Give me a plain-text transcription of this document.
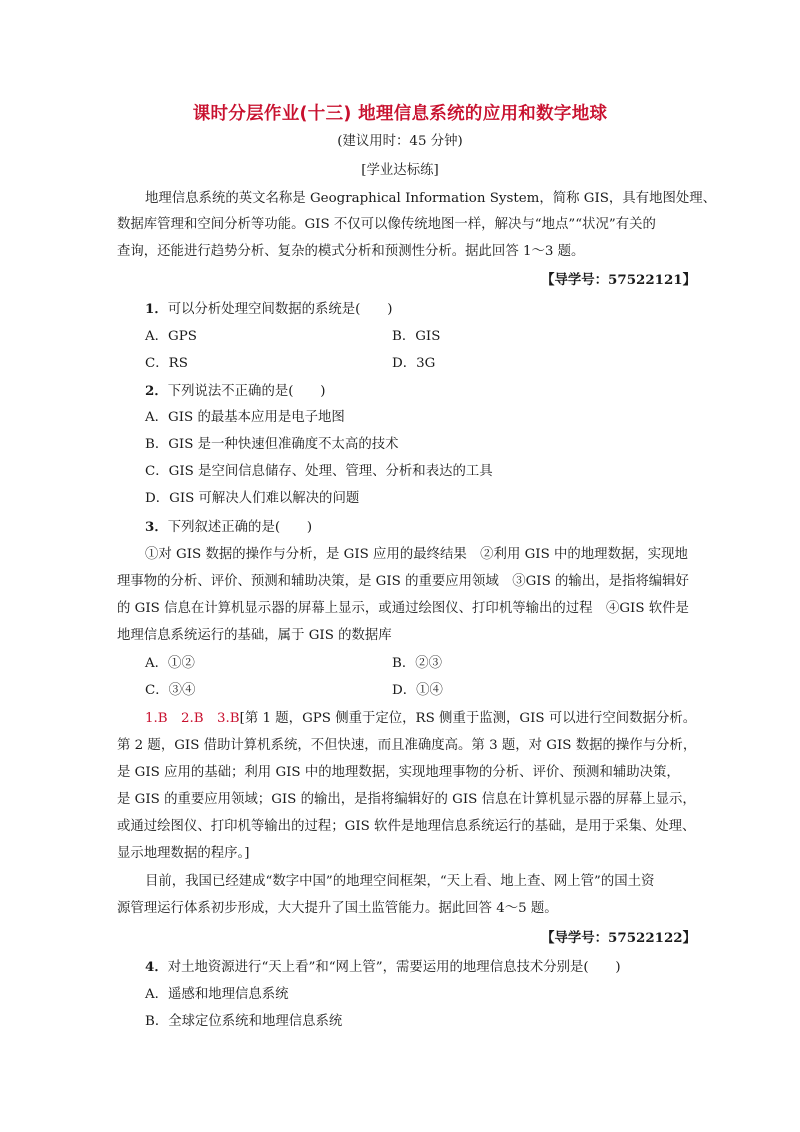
课时分层作业(十三) 地理信息系统的应用和数字地球
(建议用时：45 分钟)
[学业达标练]
地理信息系统的英文名称是 Geographical Information System，简称 GIS，具有地图处理、
数据库管理和空间分析等功能。GIS 不仅可以像传统地图一样，解决与“地点”“状况”有关的
查询，还能进行趋势分析、复杂的模式分析和预测性分析。据此回答 1～3 题。
【导学号：57522121】
1．可以分析处理空间数据的系统是(　　)
A．GPS	B．GIS
C．RS	D．3G
2．下列说法不正确的是(　　)
A．GIS 的最基本应用是电子地图
B．GIS 是一种快速但准确度不太高的技术
C．GIS 是空间信息储存、处理、管理、分析和表达的工具
D．GIS 可解决人们难以解决的问题
3．下列叙述正确的是(　　)
①对 GIS 数据的操作与分析，是 GIS 应用的最终结果　②利用 GIS 中的地理数据，实现地
理事物的分析、评价、预测和辅助决策，是 GIS 的重要应用领域　③GIS 的输出，是指将编辑好
的 GIS 信息在计算机显示器的屏幕上显示，或通过绘图仪、打印机等输出的过程　④GIS 软件是
地理信息系统运行的基础，属于 GIS 的数据库
A．①②	B．②③
C．③④	D．①④
1.B　2.B　3.B[第 1 题，GPS 侧重于定位，RS 侧重于监测，GIS 可以进行空间数据分析。
第 2 题，GIS 借助计算机系统，不但快速，而且准确度高。第 3 题，对 GIS 数据的操作与分析，
是 GIS 应用的基础；利用 GIS 中的地理数据，实现地理事物的分析、评价、预测和辅助决策，
是 GIS 的重要应用领域；GIS 的输出，是指将编辑好的 GIS 信息在计算机显示器的屏幕上显示，
或通过绘图仪、打印机等输出的过程；GIS 软件是地理信息系统运行的基础，是用于采集、处理、
显示地理数据的程序。]
目前，我国已经建成“数字中国”的地理空间框架，“天上看、地上查、网上管”的国土资
源管理运行体系初步形成，大大提升了国土监管能力。据此回答 4～5 题。
【导学号：57522122】
4．对土地资源进行“天上看”和“网上管”，需要运用的地理信息技术分别是(　　)
A．遥感和地理信息系统
B．全球定位系统和地理信息系统
